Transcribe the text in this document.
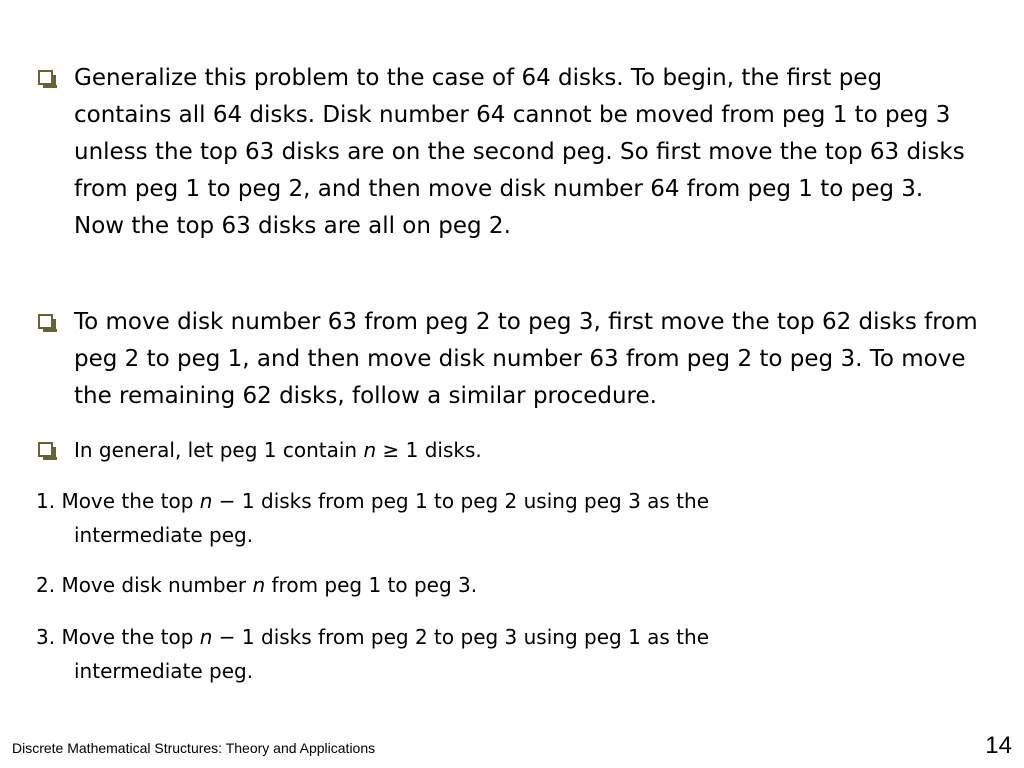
Generalize this problem to the case of 64 disks. To begin, the first peg contains all 64 disks. Disk number 64 cannot be moved from peg 1 to peg 3 unless the top 63 disks are on the second peg. So first move the top 63 disks from peg 1 to peg 2, and then move disk number 64 from peg 1 to peg 3. Now the top 63 disks are all on peg 2.
To move disk number 63 from peg 2 to peg 3, first move the top 62 disks from peg 2 to peg 1, and then move disk number 63 from peg 2 to peg 3. To move the remaining 62 disks, follow a similar procedure.
In general, let peg 1 contain n ≥ 1 disks.
1. Move the top n − 1 disks from peg 1 to peg 2 using peg 3 as the
intermediate peg.
2. Move disk number n from peg 1 to peg 3.
3. Move the top n − 1 disks from peg 2 to peg 3 using peg 1 as the
intermediate peg.
Discrete Mathematical Structures: Theory and Applications	14
